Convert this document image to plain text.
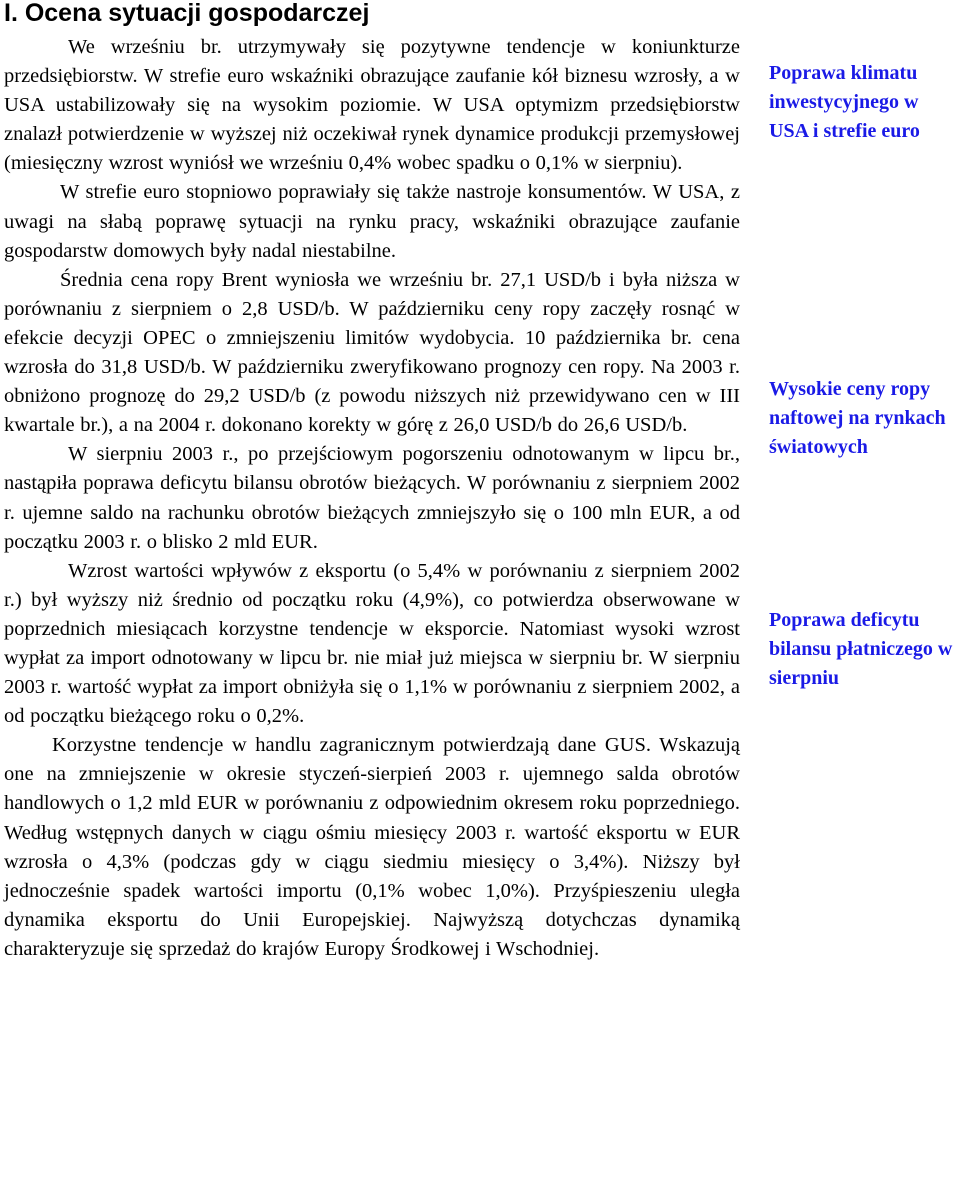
I. Ocena sytuacji gospodarczej

We wrześniu br. utrzymywały się pozytywne tendencje w koniunkturze przedsiębiorstw. W strefie euro wskaźniki obrazujące zaufanie kół biznesu wzrosły, a w USA ustabilizowały się na wysokim poziomie. W USA optymizm przedsiębiorstw znalazł potwierdzenie w wyższej niż oczekiwał rynek dynamice produkcji przemysłowej (miesięczny wzrost wyniósł we wrześniu 0,4% wobec spadku o 0,1% w sierpniu).

W strefie euro stopniowo poprawiały się także nastroje konsumentów. W USA, z uwagi na słabą poprawę sytuacji na rynku pracy, wskaźniki obrazujące zaufanie gospodarstw domowych były nadal niestabilne.

Średnia cena ropy Brent wyniosła we wrześniu br. 27,1 USD/b i była niższa w porównaniu z sierpniem o 2,8 USD/b. W październiku ceny ropy zaczęły rosnąć w efekcie decyzji OPEC o zmniejszeniu limitów wydobycia. 10 października br. cena wzrosła do 31,8 USD/b. W październiku zweryfikowano prognozy cen ropy. Na 2003 r. obniżono prognozę do 29,2 USD/b (z powodu niższych niż przewidywano cen w III kwartale br.), a na 2004 r. dokonano korekty w górę z 26,0 USD/b do 26,6 USD/b.

W sierpniu 2003 r., po przejściowym pogorszeniu odnotowanym w lipcu br., nastąpiła poprawa deficytu bilansu obrotów bieżących. W porównaniu z sierpniem 2002 r. ujemne saldo na rachunku obrotów bieżących zmniejszyło się o 100 mln EUR, a od początku 2003 r. o blisko 2 mld EUR.

Wzrost wartości wpływów z eksportu (o 5,4% w porównaniu z sierpniem 2002 r.) był wyższy niż średnio od początku roku (4,9%), co potwierdza obserwowane w poprzednich miesiącach korzystne tendencje w eksporcie. Natomiast wysoki wzrost wypłat za import odnotowany w lipcu br. nie miał już miejsca w sierpniu br. W sierpniu 2003 r. wartość wypłat za import obniżyła się o 1,1% w porównaniu z sierpniem 2002, a od początku bieżącego roku o 0,2%.

Korzystne tendencje w handlu zagranicznym potwierdzają dane GUS. Wskazują one na zmniejszenie w okresie styczeń-sierpień 2003 r. ujemnego salda obrotów handlowych o 1,2 mld EUR w porównaniu z odpowiednim okresem roku poprzedniego. Według wstępnych danych w ciągu ośmiu miesięcy 2003 r. wartość eksportu w EUR wzrosła o 4,3% (podczas gdy w ciągu siedmiu miesięcy o 3,4%). Niższy był jednocześnie spadek wartości importu (0,1% wobec 1,0%). Przyśpieszeniu uległa dynamika eksportu do Unii Europejskiej. Najwyższą dotychczas dynamiką charakteryzuje się sprzedaż do krajów Europy Środkowej i Wschodniej.

Poprawa klimatu inwestycyjnego w USA i strefie euro

Wysokie ceny ropy naftowej na rynkach światowych

Poprawa deficytu bilansu płatniczego w sierpniu
